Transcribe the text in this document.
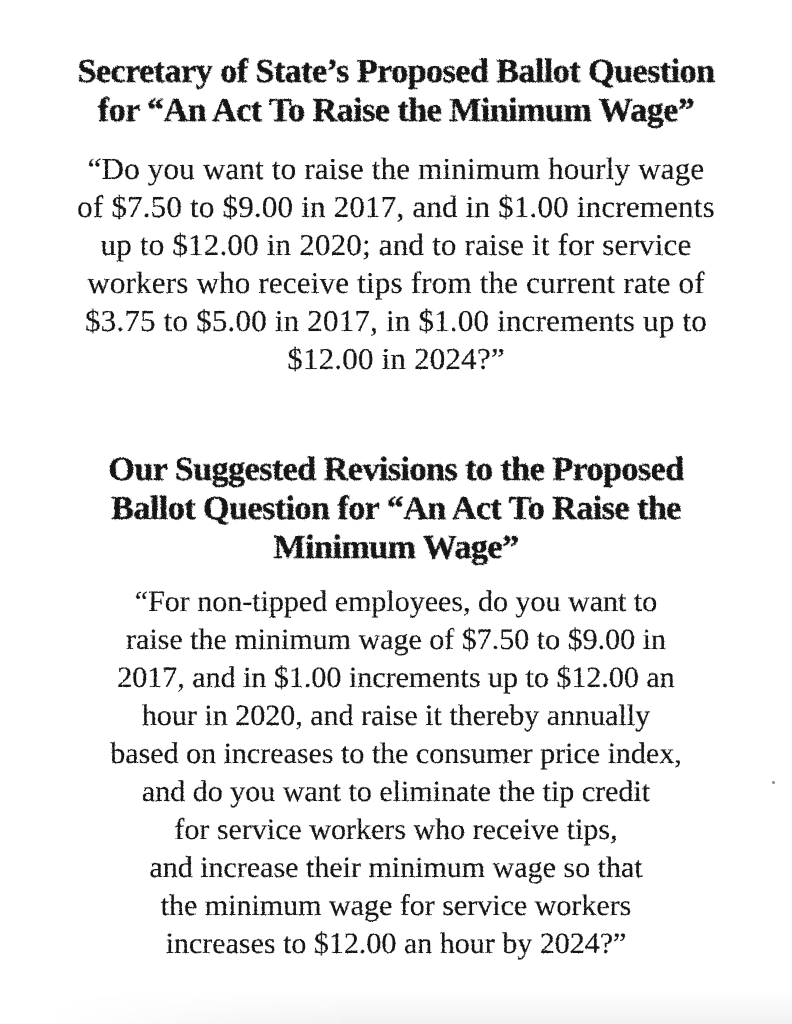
Secretary of State’s Proposed Ballot Question
for “An Act To Raise the Minimum Wage”

“Do you want to raise the minimum hourly wage
of $7.50 to $9.00 in 2017, and in $1.00 increments
up to $12.00 in 2020; and to raise it for service
workers who receive tips from the current rate of
$3.75 to $5.00 in 2017, in $1.00 increments up to
$12.00 in 2024?”

Our Suggested Revisions to the Proposed
Ballot Question for “An Act To Raise the
Minimum Wage”

“For non-tipped employees, do you want to
raise the minimum wage of $7.50 to $9.00 in
2017, and in $1.00 increments up to $12.00 an
hour in 2020, and raise it thereby annually
based on increases to the consumer price index,
and do you want to eliminate the tip credit
for service workers who receive tips,
and increase their minimum wage so that
the minimum wage for service workers
increases to $12.00 an hour by 2024?”
